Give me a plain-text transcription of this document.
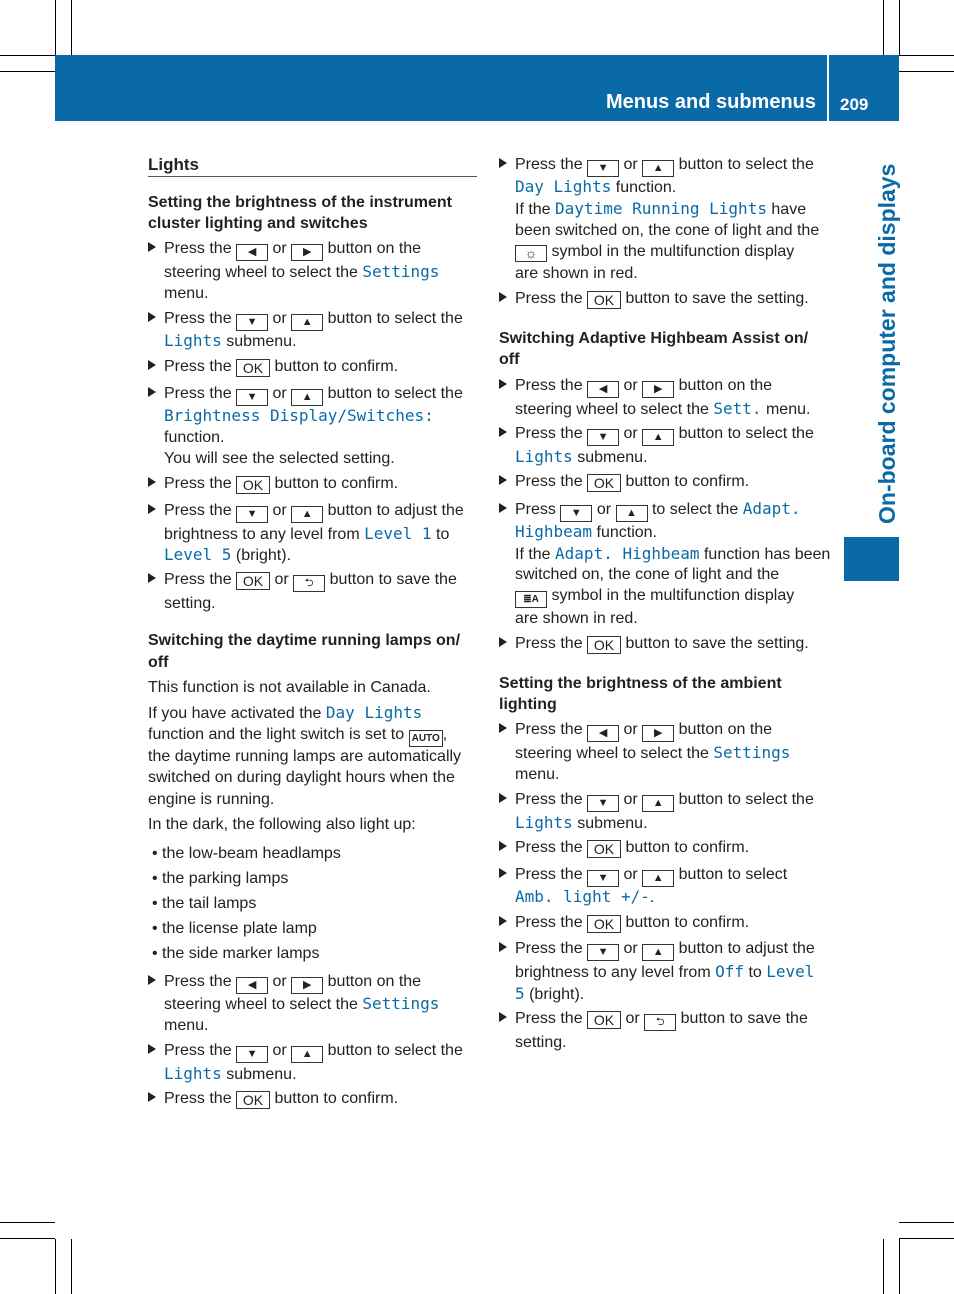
Menus and submenus 209
On-board computer and displays
Lights
Setting the brightness of the instrument
cluster lighting and switches
Press the ◀ or ▶ button on the
steering wheel to select the Settings
menu.
Press the ▼ or ▲ button to select the
Lights submenu.
Press the OK button to confirm.
Press the ▼ or ▲ button to select the
Brightness Display/Switches:
function.
You will see the selected setting.
Press the OK button to confirm.
Press the ▼ or ▲ button to adjust the
brightness to any level from Level 1 to
Level 5 (bright).
Press the OK or ⮌ button to save the
setting.
Switching the daytime running lamps on/
off
This function is not available in Canada.
If you have activated the Day Lights
function and the light switch is set to AUTO ,
the daytime running lamps are automatically
switched on during daylight hours when the
engine is running.
In the dark, the following also light up:
• the low-beam headlamps
• the parking lamps
• the tail lamps
• the license plate lamp
• the side marker lamps
Press the ◀ or ▶ button on the
steering wheel to select the Settings
menu.
Press the ▼ or ▲ button to select the
Lights submenu.
Press the OK button to confirm.
Press the ▼ or ▲ button to select the
Day Lights function.
If the Daytime Running Lights have
been switched on, the cone of light and the
☼ symbol in the multifunction display
are shown in red.
Press the OK button to save the setting.
Switching Adaptive Highbeam Assist on/
off
Press the ◀ or ▶ button on the
steering wheel to select the Sett. menu.
Press the ▼ or ▲ button to select the
Lights submenu.
Press the OK button to confirm.
Press ▼ or ▲ to select the Adapt.
Highbeam function.
If the Adapt. Highbeam function has been
switched on, the cone of light and the
≣A symbol in the multifunction display
are shown in red.
Press the OK button to save the setting.
Setting the brightness of the ambient
lighting
Press the ◀ or ▶ button on the
steering wheel to select the Settings
menu.
Press the ▼ or ▲ button to select the
Lights submenu.
Press the OK button to confirm.
Press the ▼ or ▲ button to select
Amb. light +/-.
Press the OK button to confirm.
Press the ▼ or ▲ button to adjust the
brightness to any level from Off to Level
5 (bright).
Press the OK or ⮌ button to save the
setting.
